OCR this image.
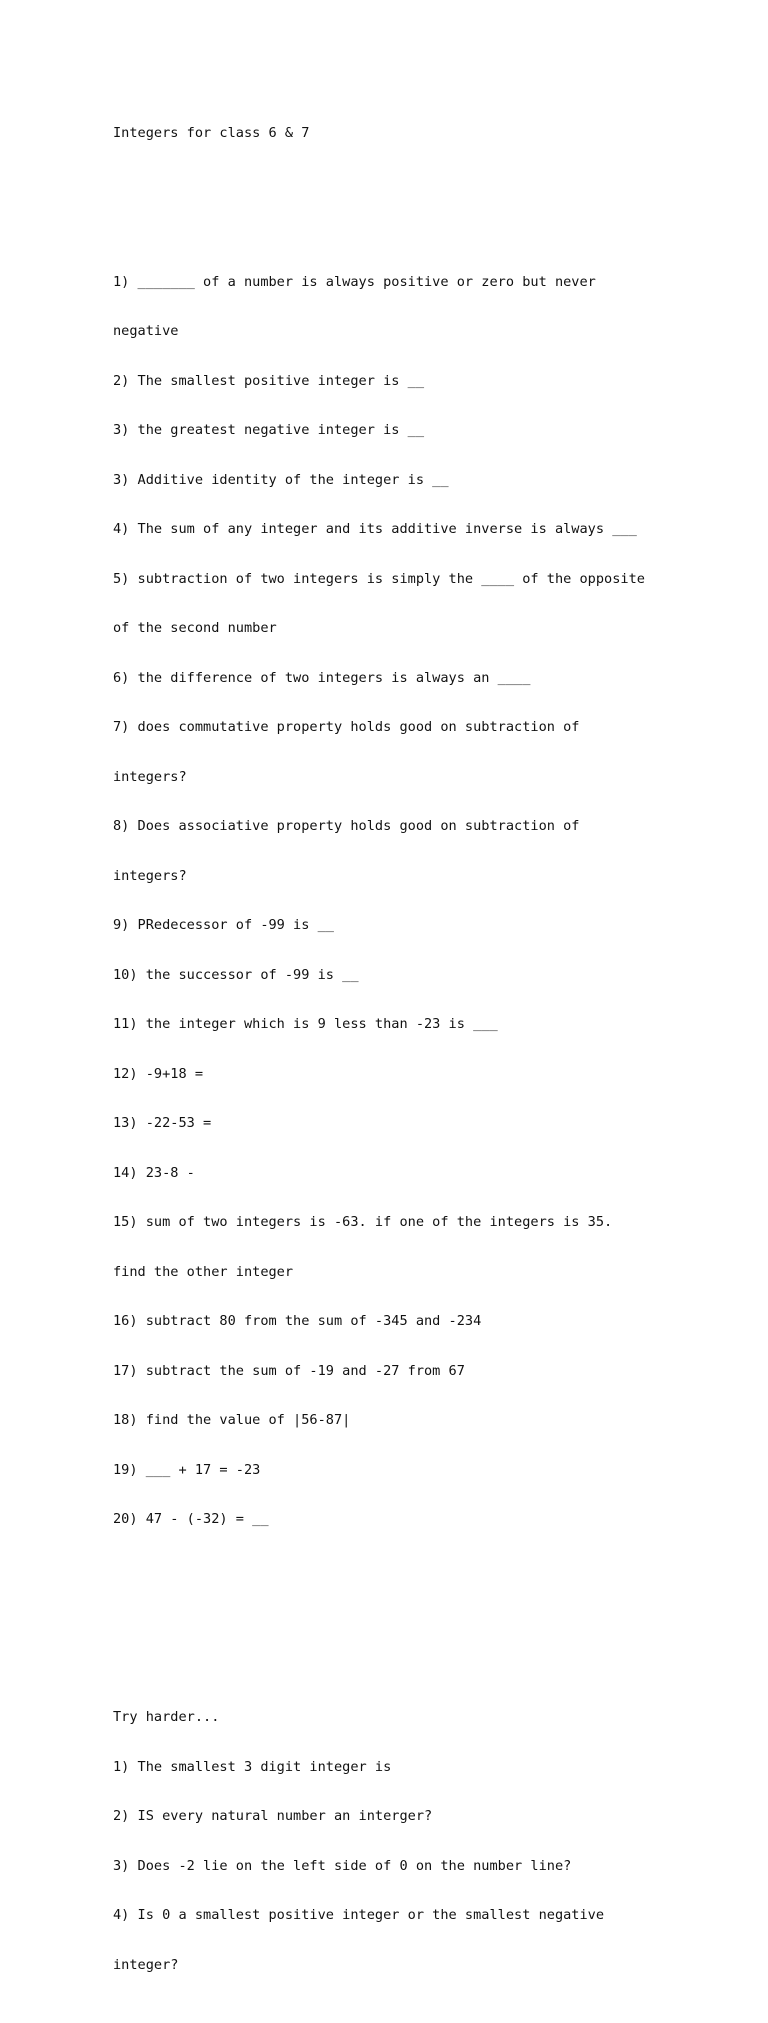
Integers for class 6 & 7

1) _______ of a number is always positive or zero but never

negative

2) The smallest positive integer is __

3) the greatest negative integer is __

3) Additive identity of the integer is __

4) The sum of any integer and its additive inverse is always ___

5) subtraction of two integers is simply the ____ of the opposite

of the second number

6) the difference of two integers is always an ____

7) does commutative property holds good on subtraction of

integers?

8) Does associative property holds good on subtraction of

integers?

9) PRedecessor of -99 is __

10) the successor of -99 is __

11) the integer which is 9 less than -23 is ___

12) -9+18 =

13) -22-53 =

14) 23-8 -

15) sum of two integers is -63. if one of the integers is 35.

find the other integer

16) subtract 80 from the sum of -345 and -234

17) subtract the sum of -19 and -27 from 67

18) find the value of |56-87|

19) ___ + 17 = -23

20) 47 - (-32) = __

Try harder...

1) The smallest 3 digit integer is

2) IS every natural number an interger?

3) Does -2 lie on the left side of 0 on the number line?

4) Is 0 a smallest positive integer or the smallest negative

integer?
